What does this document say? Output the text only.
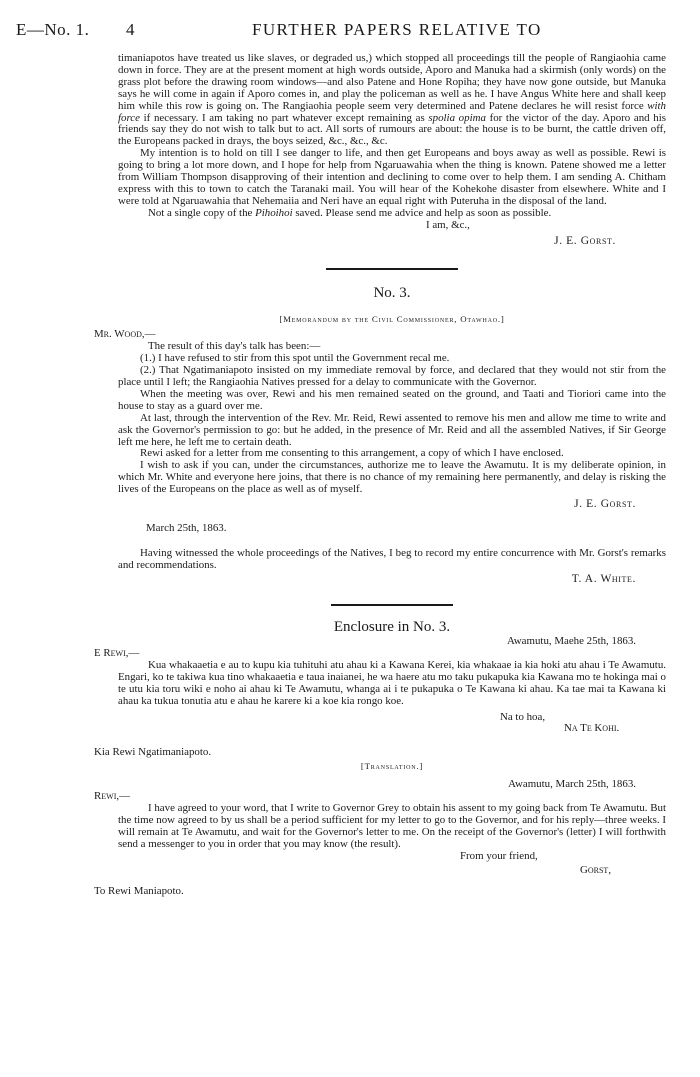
E—No. 1. 4	FURTHER PAPERS RELATIVE TO

timaniapotos have treated us like slaves, or degraded us,) which stopped all proceedings till the people of Rangiaohia came down in force. They are at the present moment at high words outside, Aporo and Manuka had a skirmish (only words) on the grass plot before the drawing room windows—and also Patene and Hone Ropiha; they have now gone outside, but Manuka says he will come in again if Aporo comes in, and play the policeman as well as he. I have Angus White here and shall keep him while this row is going on. The Rangiaohia people seem very determined and Patene declares he will resist force with force if necessary. I am taking no part whatever except remaining as spolia opima for the victor of the day. Aporo and his friends say they do not wish to talk but to act. All sorts of rumours are about: the house is to be burnt, the cattle driven off, the Europeans packed in drays, the boys seized, &c., &c., &c.

My intention is to hold on till I see danger to life, and then get Europeans and boys away as well as possible. Rewi is going to bring a lot more down, and I hope for help from Ngaruawahia when the thing is known. Patene showed me a letter from William Thompson disapproving of their intention and declining to come over to help them. I am sending A. Chitham express with this to town to catch the Taranaki mail. You will hear of the Kohekohe disaster from elsewhere. White and I were told at Ngaruawahia that Nehemaiia and Neri have an equal right with Puteruha in the disposal of the land.

Not a single copy of the Pihoihoi saved. Please send me advice and help as soon as possible.

I am, &c.,

J. E. Gorst.

No. 3.

[Memorandum by the Civil Commissioner, Otawhao.]

Mr. Wood,—

The result of this day's talk has been:—

(1.) I have refused to stir from this spot until the Government recal me.

(2.) That Ngatimaniapoto insisted on my immediate removal by force, and declared that they would not stir from the place until I left; the Rangiaohia Natives pressed for a delay to communicate with the Governor.

When the meeting was over, Rewi and his men remained seated on the ground, and Taati and Tioriori came into the house to stay as a guard over me.

At last, through the intervention of the Rev. Mr. Reid, Rewi assented to remove his men and allow me time to write and ask the Governor's permission to go: but he added, in the presence of Mr. Reid and all the assembled Natives, if Sir George left me here, he left me to certain death.

Rewi asked for a letter from me consenting to this arrangement, a copy of which I have enclosed.

I wish to ask if you can, under the circumstances, authorize me to leave the Awamutu. It is my deliberate opinion, in which Mr. White and everyone here joins, that there is no chance of my remaining here permanently, and delay is risking the lives of the Europeans on the place as well as of myself.

J. E. Gorst.

March 25th, 1863.

Having witnessed the whole proceedings of the Natives, I beg to record my entire concurrence with Mr. Gorst's remarks and recommendations.

T. A. White.

Enclosure in No. 3.

Awamutu, Maehe 25th, 1863.

E Rewi,—

Kua whakaaetia e au to kupu kia tuhituhi atu ahau ki a Kawana Kerei, kia whakaae ia kia hoki atu ahau i Te Awamutu. Engari, ko te takiwa kua tino whakaaetia e taua inaianei, he wa haere atu mo taku pukapuka kia Kawana mo te hokinga mai o te utu kia toru wiki e noho ai ahau ki Te Awamutu, whanga ai i te pukapuka o Te Kawana ki ahau. Ka tae mai ta Kawana ki ahau ka tukua tonutia atu e ahau he karere ki a koe kia rongo koe.

Na to hoa,

Na Te Kohi.

Kia Rewi Ngatimaniapoto.

[Translation.]

Awamutu, March 25th, 1863.

Rewi,—

I have agreed to your word, that I write to Governor Grey to obtain his assent to my going back from Te Awamutu. But the time now agreed to by us shall be a period sufficient for my letter to go to the Governor, and for his reply—three weeks. I will remain at Te Awamutu, and wait for the Governor's letter to me. On the receipt of the Governor's (letter) I will forthwith send a messenger to you in order that you may know (the result).

From your friend,

Gorst,

To Rewi Maniapoto.
